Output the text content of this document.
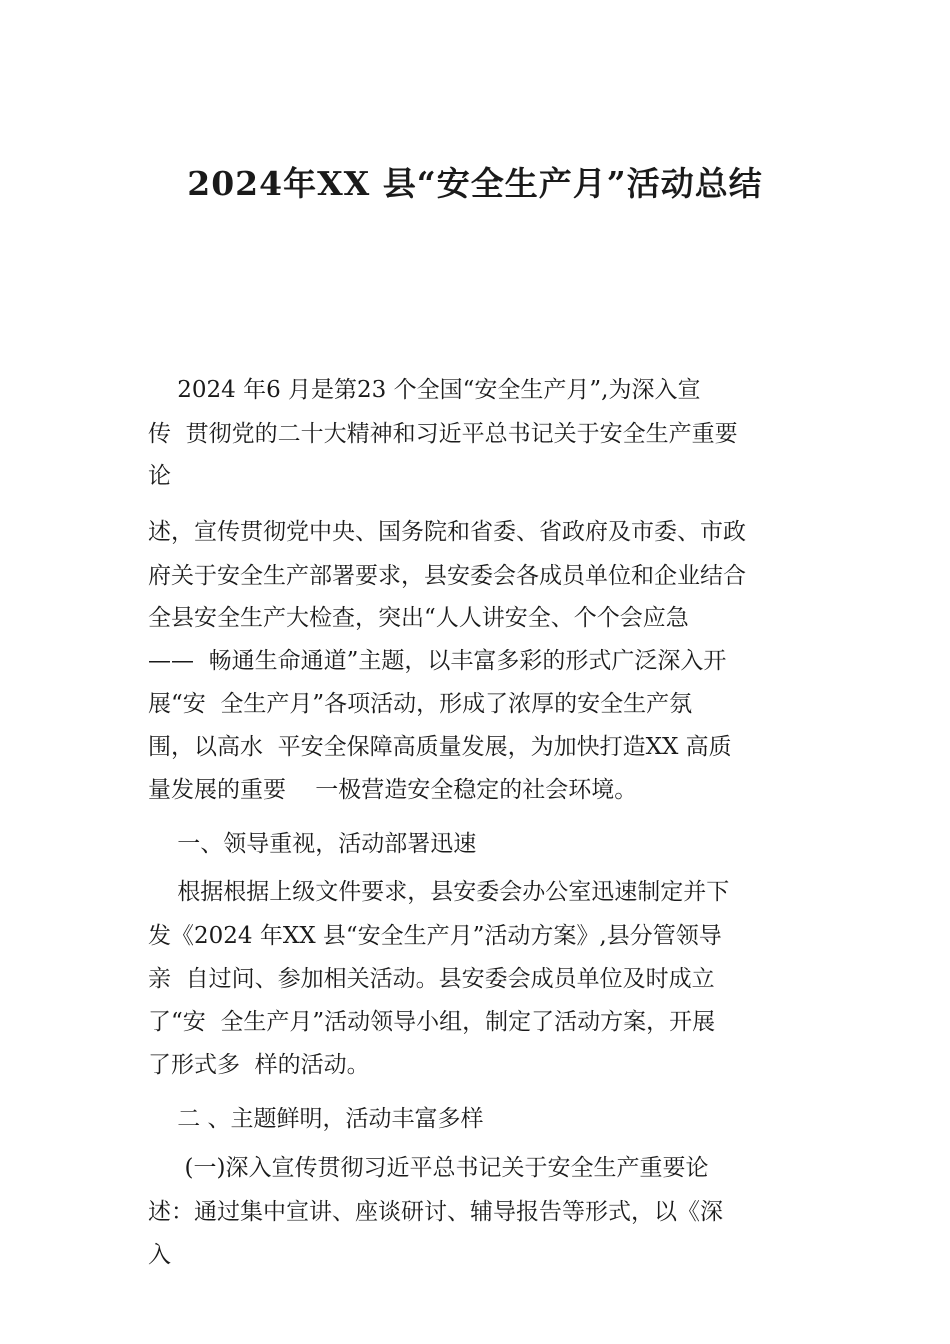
2024年XX 县“安全生产月”活动总结

2024 年6 月是第23 个全国“安全生产月”,为深入宣

传  贯彻党的二十大精神和习近平总书记关于安全生产重要

论

述，宣传贯彻党中央、国务院和省委、省政府及市委、市政

府关于安全生产部署要求，县安委会各成员单位和企业结合

全县安全生产大检查，突出“人人讲安全、个个会应急

——  畅通生命通道”主题，以丰富多彩的形式广泛深入开

展“安  全生产月”各项活动，形成了浓厚的安全生产氛

围，以高水  平安全保障高质量发展，为加快打造XX 高质

量发展的重要    一极营造安全稳定的社会环境。

一、领导重视，活动部署迅速

根据根据上级文件要求，县安委会办公室迅速制定并下

发《2024 年XX 县“安全生产月”活动方案》,县分管领导

亲  自过问、参加相关活动。县安委会成员单位及时成立

了“安  全生产月”活动领导小组，制定了活动方案，开展

了形式多  样的活动。

二 、主题鲜明，活动丰富多样

(一)深入宣传贯彻习近平总书记关于安全生产重要论

述：通过集中宣讲、座谈研讨、辅导报告等形式，以《深

入
